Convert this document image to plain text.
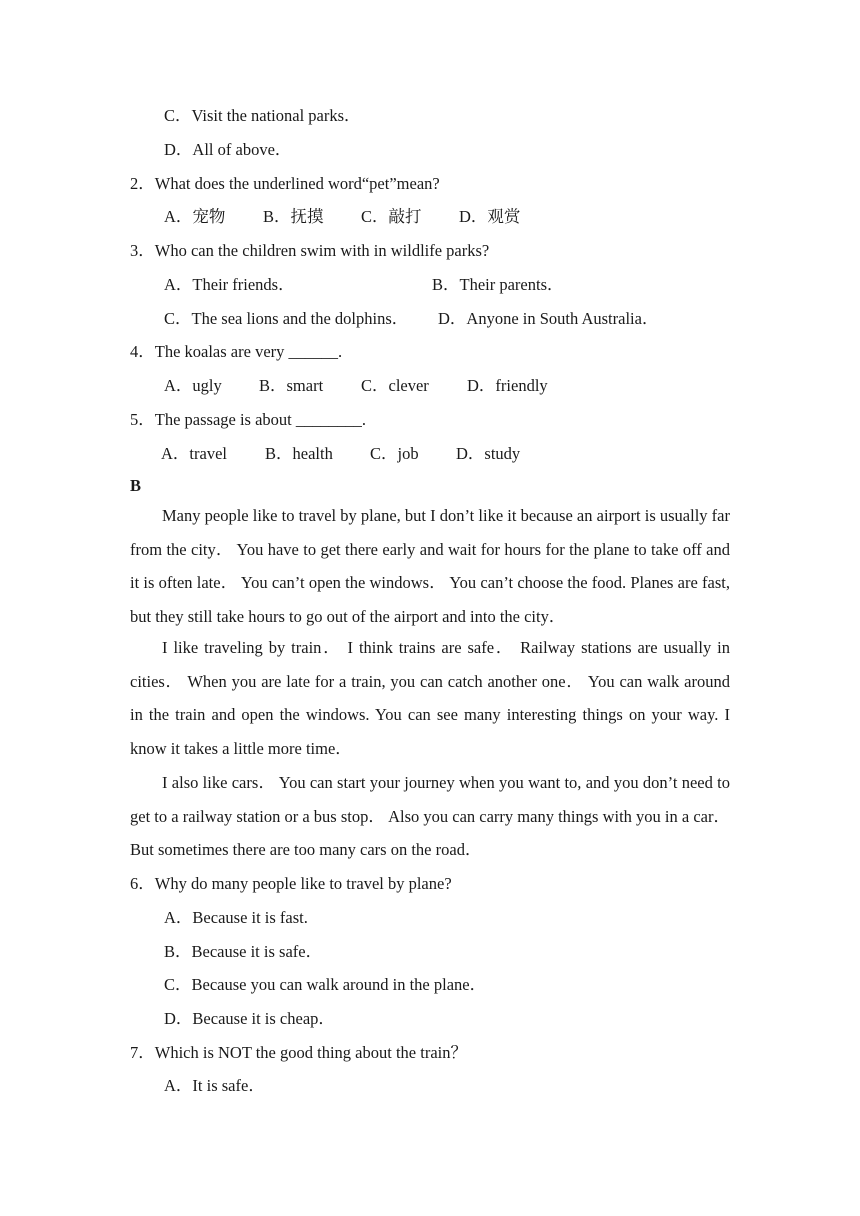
C．Visit the national parks．
D．All of above．
2．What does the underlined word“pet”mean?
A．宠物 B．抚摸 C．敲打 D．观赏
3．Who can the children swim with in wildlife parks?
A．Their friends．	B．Their parents．
C．The sea lions and the dolphins． D．Anyone in South Australia．
4．The koalas are very ______.
A．ugly B．smart C．clever D．friendly
5．The passage is about ________.
A．travel B．health C．job D．study
B
Many people like to travel by plane, but I don’t like it because an airport is usually far from the city． You have to get there early and wait for hours for the plane to take off and it is often late． You can’t open the windows． You can’t choose the food. Planes are fast, but they still take hours to go out of the airport and into the city．
I like traveling by train． I think trains are safe． Railway stations are usually in cities． When you are late for a train, you can catch another one． You can walk around in the train and open the windows. You can see many interesting things on your way. I know it takes a little more time．
I also like cars． You can start your journey when you want to, and you don’t need to get to a railway station or a bus stop． Also you can carry many things with you in a car． But sometimes there are too many cars on the road．
6．Why do many people like to travel by plane?
A．Because it is fast.
B．Because it is safe．
C．Because you can walk around in the plane．
D．Because it is cheap．
7．Which is NOT the good thing about the train？
A．It is safe．
